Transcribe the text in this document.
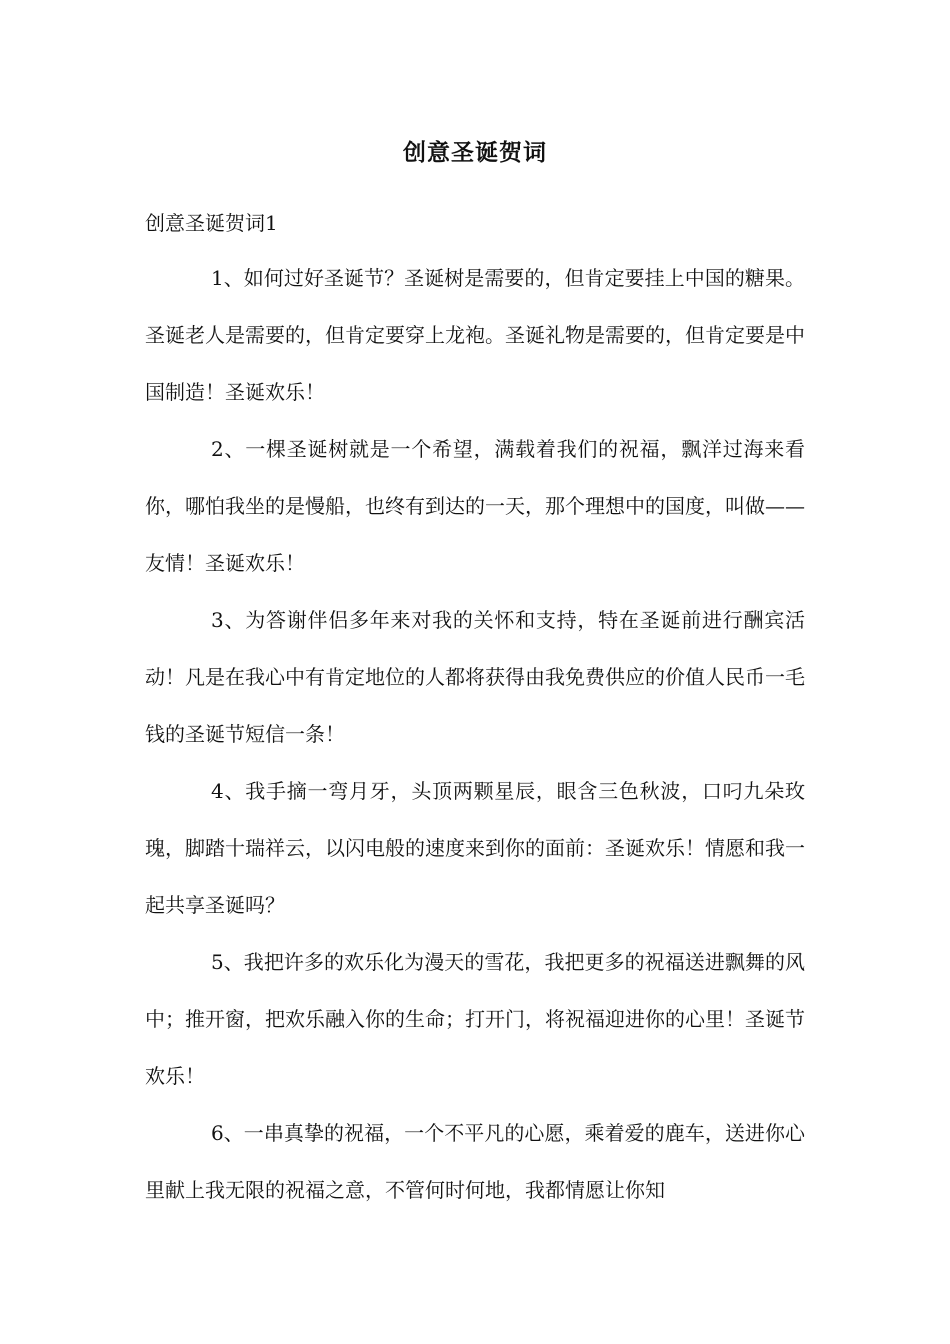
创意圣诞贺词
创意圣诞贺词1

1、如何过好圣诞节？圣诞树是需要的，但肯定要挂上中国的糖果。圣诞老人是需要的，但肯定要穿上龙袍。圣诞礼物是需要的，但肯定要是中国制造！圣诞欢乐！

2、一棵圣诞树就是一个希望，满载着我们的祝福，飘洋过海来看你，哪怕我坐的是慢船，也终有到达的一天，那个理想中的国度，叫做——友情！圣诞欢乐！

3、为答谢伴侣多年来对我的关怀和支持，特在圣诞前进行酬宾活动！凡是在我心中有肯定地位的人都将获得由我免费供应的价值人民币一毛钱的圣诞节短信一条！

4、我手摘一弯月牙，头顶两颗星辰，眼含三色秋波，口叼九朵玫瑰，脚踏十瑞祥云，以闪电般的速度来到你的面前：圣诞欢乐！情愿和我一起共享圣诞吗？

5、我把许多的欢乐化为漫天的雪花，我把更多的祝福送进飘舞的风中；推开窗，把欢乐融入你的生命；打开门，将祝福迎进你的心里！圣诞节欢乐！

6、一串真挚的祝福，一个不平凡的心愿，乘着爱的鹿车，送进你心里献上我无限的祝福之意，不管何时何地，我都情愿让你知
